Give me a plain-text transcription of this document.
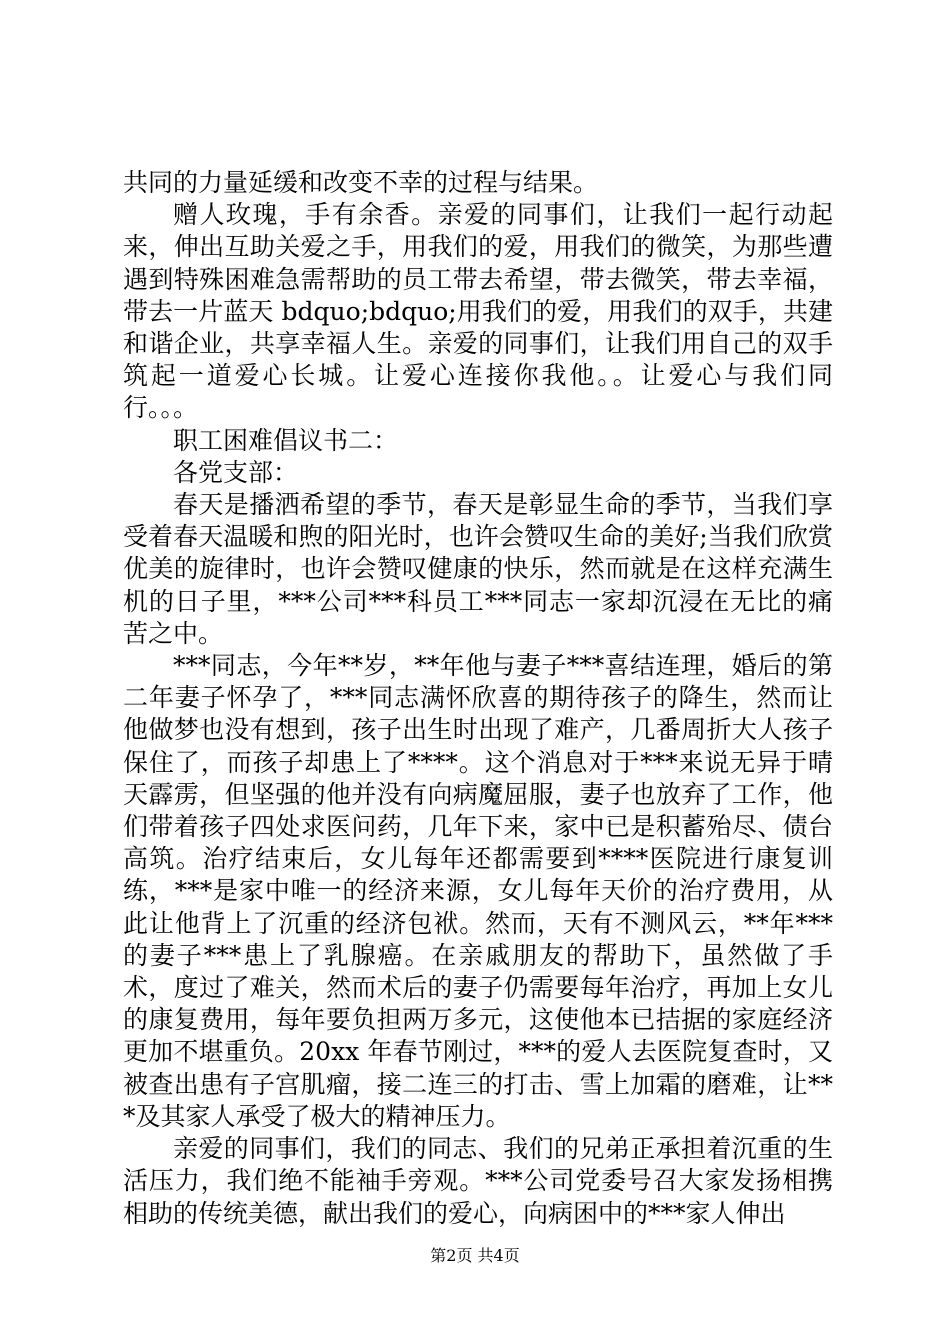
共同的力量延缓和改变不幸的过程与结果。

赠人玫瑰，手有余香。亲爱的同事们，让我们一起行动起来，伸出互助关爱之手，用我们的爱，用我们的微笑，为那些遭遇到特殊困难急需帮助的员工带去希望，带去微笑，带去幸福，带去一片蓝天 bdquo;bdquo;用我们的爱，用我们的双手，共建和谐企业，共享幸福人生。亲爱的同事们，让我们用自己的双手筑起一道爱心长城。让爱心连接你我他。。让爱心与我们同行。。。

职工困难倡议书二：

各党支部：

春天是播洒希望的季节，春天是彰显生命的季节，当我们享受着春天温暖和煦的阳光时，也许会赞叹生命的美好;当我们欣赏优美的旋律时，也许会赞叹健康的快乐，然而就是在这样充满生机的日子里，***公司***科员工***同志一家却沉浸在无比的痛苦之中。

***同志，今年**岁，**年他与妻子***喜结连理，婚后的第二年妻子怀孕了，***同志满怀欣喜的期待孩子的降生，然而让他做梦也没有想到，孩子出生时出现了难产，几番周折大人孩子保住了，而孩子却患上了****。这个消息对于***来说无异于晴天霹雳，但坚强的他并没有向病魔屈服，妻子也放弃了工作，他们带着孩子四处求医问药，几年下来，家中已是积蓄殆尽、债台高筑。治疗结束后，女儿每年还都需要到****医院进行康复训练，***是家中唯一的经济来源，女儿每年天价的治疗费用，从此让他背上了沉重的经济包袱。然而，天有不测风云，**年***的妻子***患上了乳腺癌。在亲戚朋友的帮助下，虽然做了手术，度过了难关，然而术后的妻子仍需要每年治疗，再加上女儿的康复费用，每年要负担两万多元，这使他本已拮据的家庭经济更加不堪重负。20xx 年春节刚过，***的爱人去医院复查时，又被查出患有子宫肌瘤，接二连三的打击、雪上加霜的磨难，让***及其家人承受了极大的精神压力。

亲爱的同事们，我们的同志、我们的兄弟正承担着沉重的生活压力，我们绝不能袖手旁观。***公司党委号召大家发扬相携相助的传统美德，献出我们的爱心，向病困中的***家人伸出

第2页 共4页
